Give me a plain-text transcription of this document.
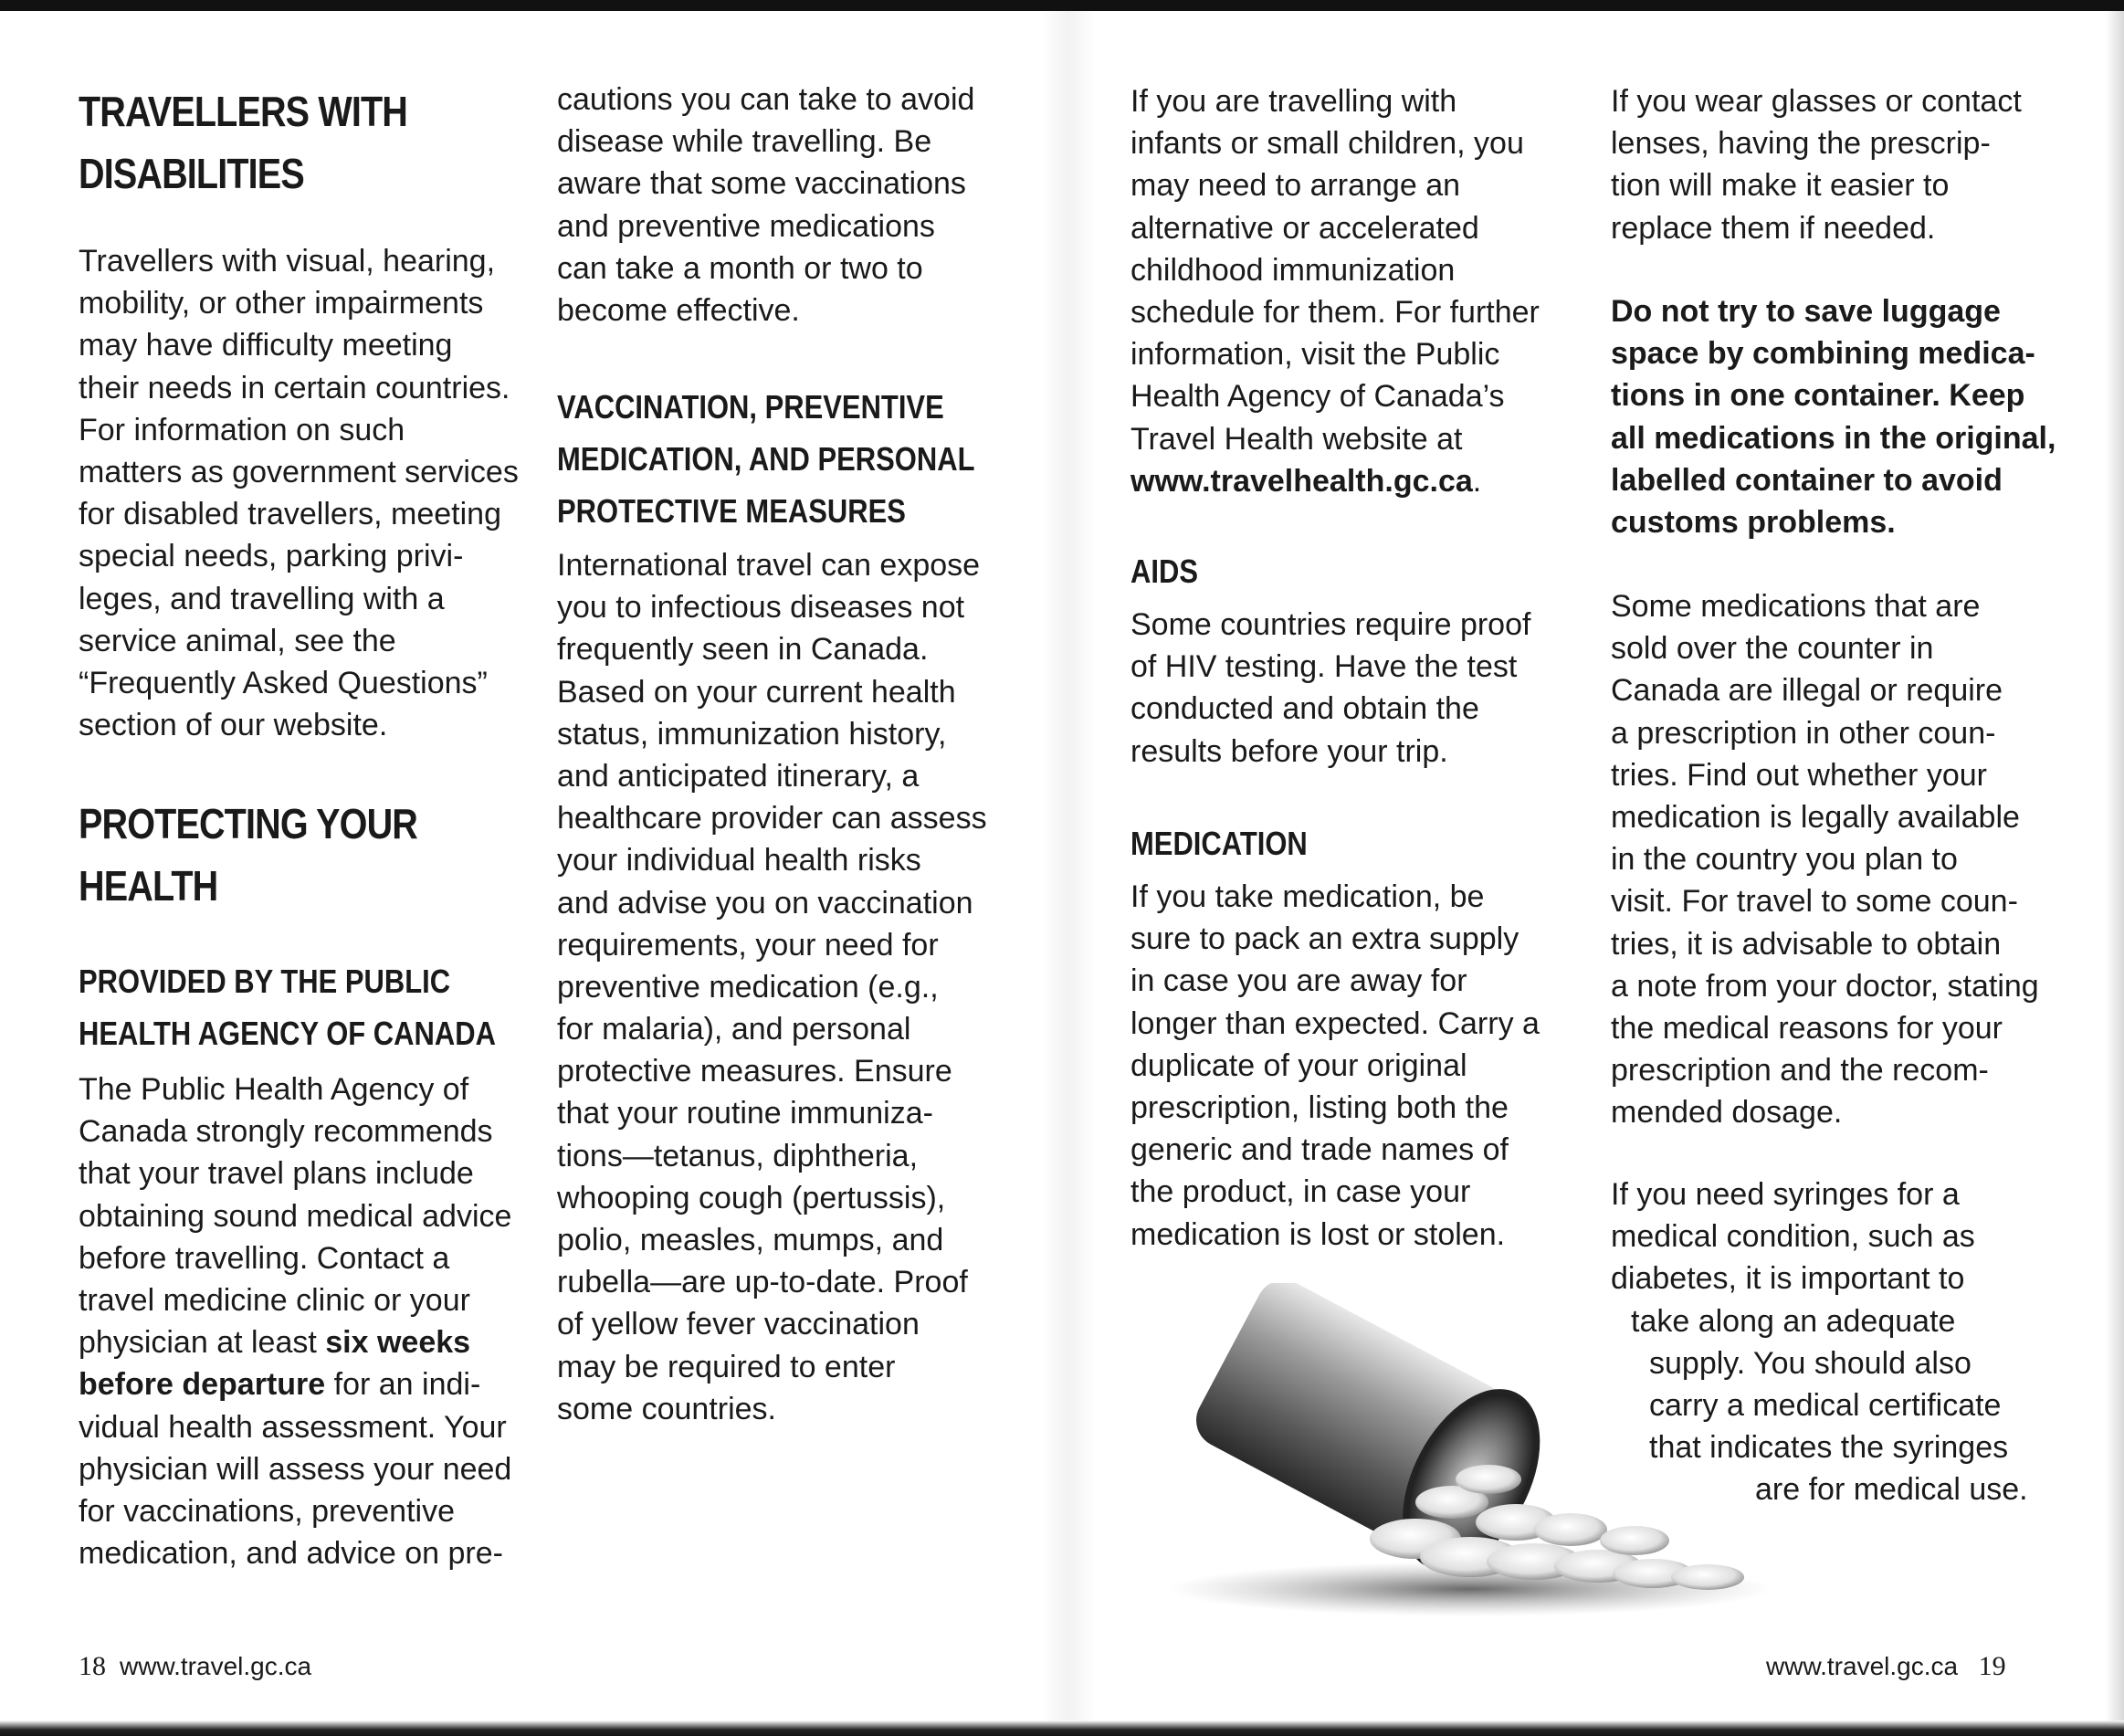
TRAVELLERS WITH
DISABILITIES
Travellers with visual, hearing,
mobility, or other impairments
may have difficulty meeting
their needs in certain countries.
For information on such
matters as government services
for disabled travellers, meeting
special needs, parking privi-
leges, and travelling with a
service animal, see the
“Frequently Asked Questions”
section of our website.
PROTECTING YOUR
HEALTH
PROVIDED BY THE PUBLIC
HEALTH AGENCY OF CANADA
The Public Health Agency of
Canada strongly recommends
that your travel plans include
obtaining sound medical advice
before travelling. Contact a
travel medicine clinic or your
physician at least six weeks
before departure for an indi-
vidual health assessment. Your
physician will assess your need
for vaccinations, preventive
medication, and advice on pre-
18 www.travel.gc.ca
cautions you can take to avoid
disease while travelling. Be
aware that some vaccinations
and preventive medications
can take a month or two to
become effective.
VACCINATION, PREVENTIVE
MEDICATION, AND PERSONAL
PROTECTIVE MEASURES
International travel can expose
you to infectious diseases not
frequently seen in Canada.
Based on your current health
status, immunization history,
and anticipated itinerary, a
healthcare provider can assess
your individual health risks
and advise you on vaccination
requirements, your need for
preventive medication (e.g.,
for malaria), and personal
protective measures. Ensure
that your routine immuniza-
tions—tetanus, diphtheria,
whooping cough (pertussis),
polio, measles, mumps, and
rubella—are up-to-date. Proof
of yellow fever vaccination
may be required to enter
some countries.
If you are travelling with
infants or small children, you
may need to arrange an
alternative or accelerated
childhood immunization
schedule for them. For further
information, visit the Public
Health Agency of Canada’s
Travel Health website at
www.travelhealth.gc.ca.
AIDS
Some countries require proof
of HIV testing. Have the test
conducted and obtain the
results before your trip.
MEDICATION
If you take medication, be
sure to pack an extra supply
in case you are away for
longer than expected. Carry a
duplicate of your original
prescription, listing both the
generic and trade names of
the product, in case your
medication is lost or stolen.
If you wear glasses or contact
lenses, having the prescrip-
tion will make it easier to
replace them if needed.
Do not try to save luggage
space by combining medica-
tions in one container. Keep
all medications in the original,
labelled container to avoid
customs problems.
Some medications that are
sold over the counter in
Canada are illegal or require
a prescription in other coun-
tries. Find out whether your
medication is legally available
in the country you plan to
visit. For travel to some coun-
tries, it is advisable to obtain
a note from your doctor, stating
the medical reasons for your
prescription and the recom-
mended dosage.
If you need syringes for a
medical condition, such as
diabetes, it is important to
take along an adequate
supply. You should also
carry a medical certificate
that indicates the syringes
are for medical use.
www.travel.gc.ca 19
